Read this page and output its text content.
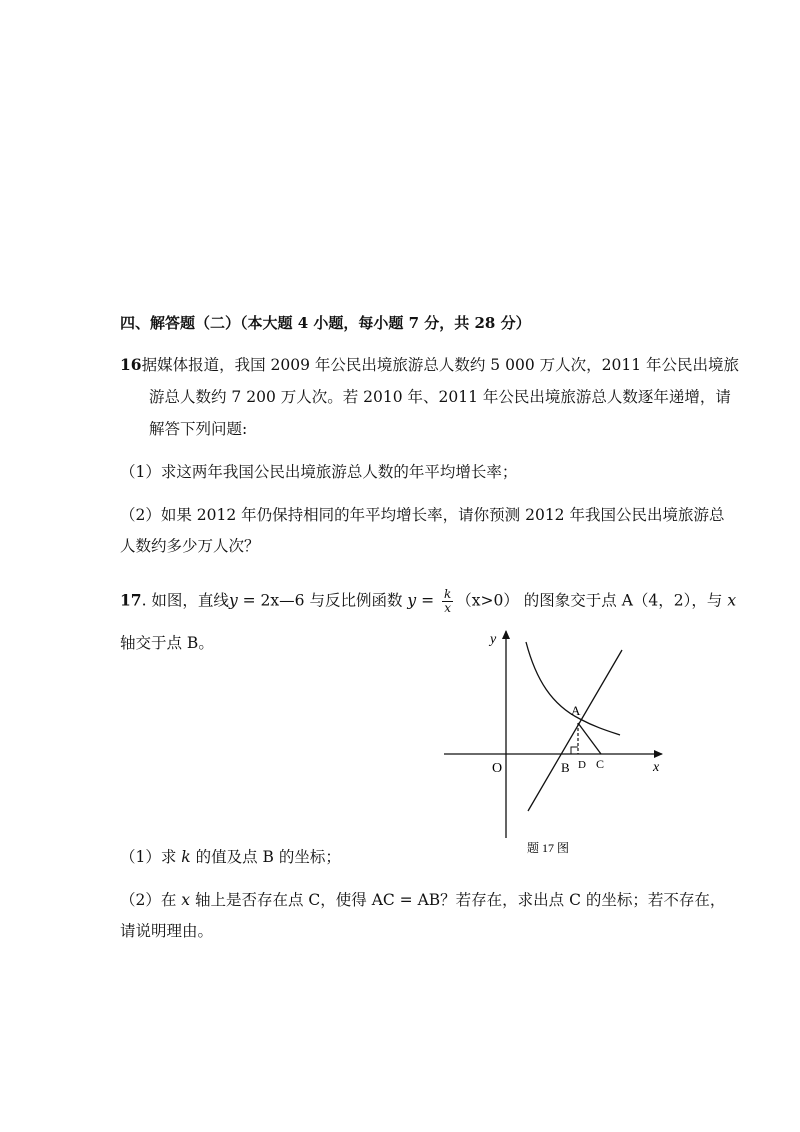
四、解答题（二）（本大题 4 小题，每小题 7 分，共 28 分）
16据媒体报道，我国 2009 年公民出境旅游总人数约 5 000 万人次，2011 年公民出境旅
游总人数约 7 200 万人次。若 2010 年、2011 年公民出境旅游总人数逐年递增，请
解答下列问题:
（1）求这两年我国公民出境旅游总人数的年平均增长率；
（2）如果 2012 年仍保持相同的年平均增长率，请你预测 2012 年我国公民出境旅游总
人数约多少万人次？
17. 如图，直线y = 2x—6 与反比例函数 $y = \frac{k}{x} (x>0)$ 的图象交于点 A（4，2），与 x
轴交于点 B。	y
x
O
A
B D C
题 17 图
（1）求 k 的值及点 B 的坐标；
（2）在 x 轴上是否存在点 C，使得 AC = AB？若存在，求出点 C 的坐标；若不存在，
请说明理由。
